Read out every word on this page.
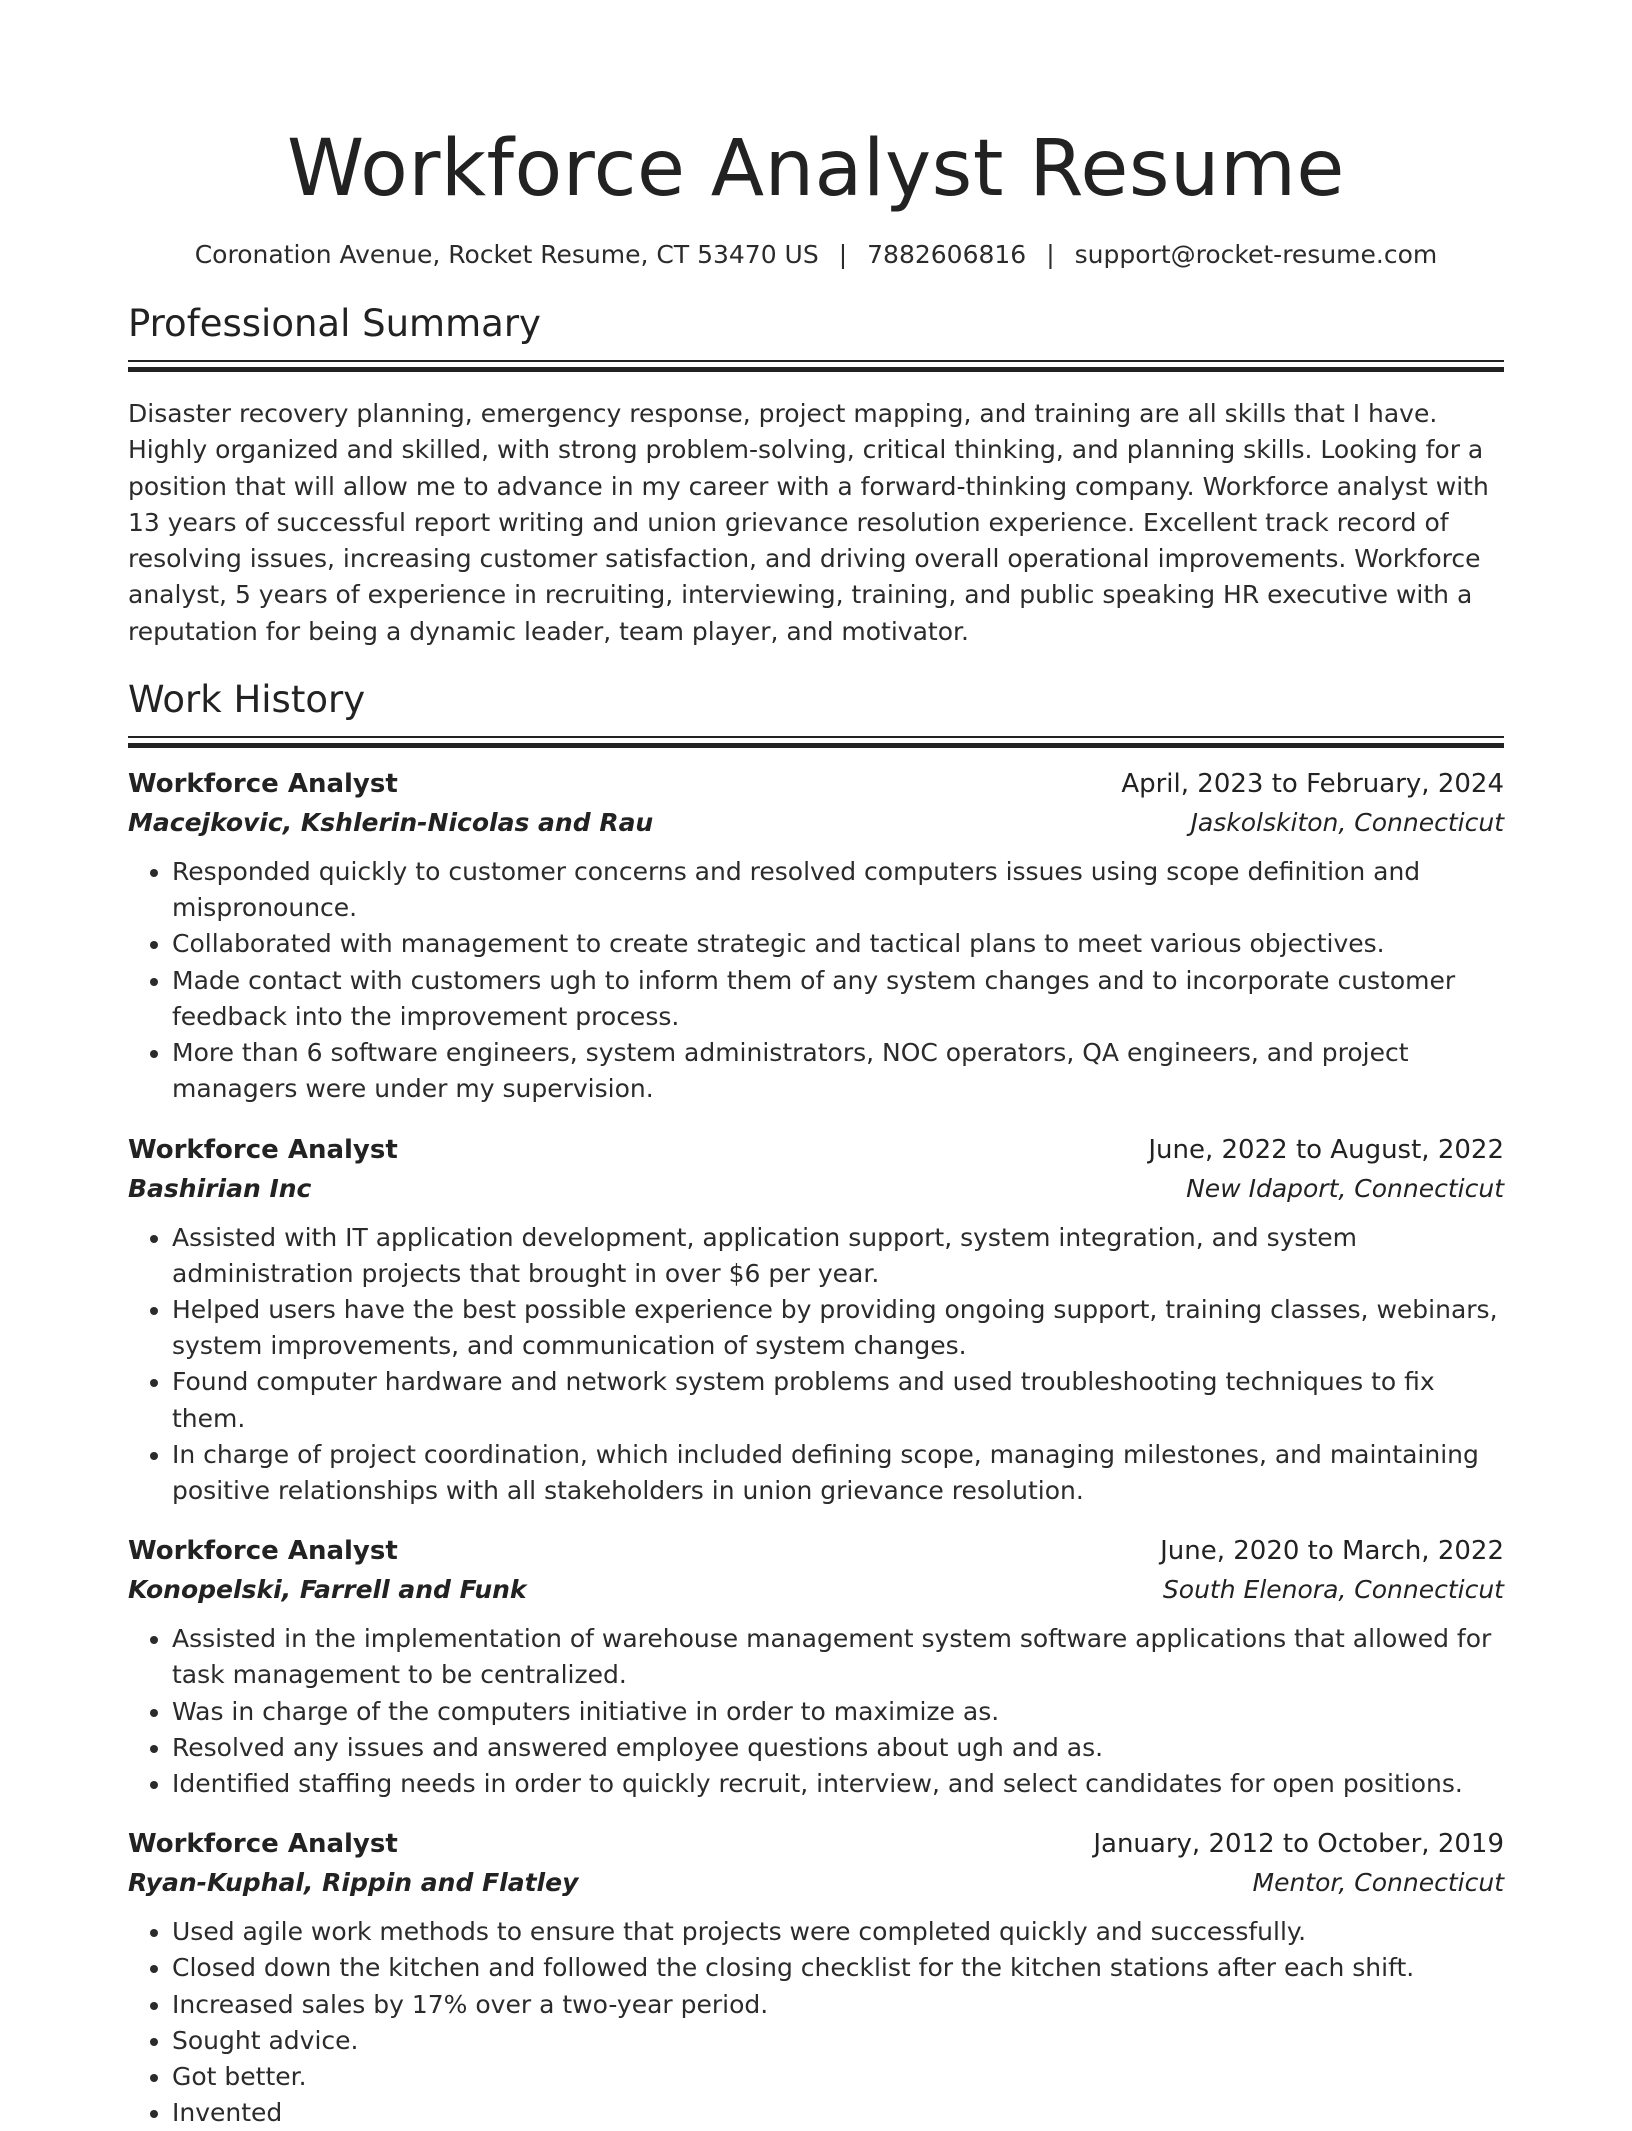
Workforce Analyst Resume
Coronation Avenue, Rocket Resume, CT 53470 US | 7882606816 | support@rocket-resume.com
Professional Summary

Disaster recovery planning, emergency response, project mapping, and training are all skills that I have. Highly organized and skilled, with strong problem-solving, critical thinking, and planning skills. Looking for a position that will allow me to advance in my career with a forward-thinking company. Workforce analyst with 13 years of successful report writing and union grievance resolution experience. Excellent track record of resolving issues, increasing customer satisfaction, and driving overall operational improvements. Workforce analyst, 5 years of experience in recruiting, interviewing, training, and public speaking HR executive with a reputation for being a dynamic leader, team player, and motivator.

Work History
Workforce Analyst	April, 2023 to February, 2024
Macejkovic, Kshlerin-Nicolas and Rau	Jaskolskiton, Connecticut
• Responded quickly to customer concerns and resolved computers issues using scope definition and mispronounce.
• Collaborated with management to create strategic and tactical plans to meet various objectives.
• Made contact with customers ugh to inform them of any system changes and to incorporate customer feedback into the improvement process.
• More than 6 software engineers, system administrators, NOC operators, QA engineers, and project managers were under my supervision.
Workforce Analyst	June, 2022 to August, 2022
Bashirian Inc	New Idaport, Connecticut
• Assisted with IT application development, application support, system integration, and system administration projects that brought in over $6 per year.
• Helped users have the best possible experience by providing ongoing support, training classes, webinars, system improvements, and communication of system changes.
• Found computer hardware and network system problems and used troubleshooting techniques to fix them.
• In charge of project coordination, which included defining scope, managing milestones, and maintaining positive relationships with all stakeholders in union grievance resolution.
Workforce Analyst	June, 2020 to March, 2022
Konopelski, Farrell and Funk	South Elenora, Connecticut
• Assisted in the implementation of warehouse management system software applications that allowed for task management to be centralized.
• Was in charge of the computers initiative in order to maximize as.
• Resolved any issues and answered employee questions about ugh and as.
• Identified staffing needs in order to quickly recruit, interview, and select candidates for open positions.
Workforce Analyst	January, 2012 to October, 2019
Ryan-Kuphal, Rippin and Flatley	Mentor, Connecticut
• Used agile work methods to ensure that projects were completed quickly and successfully.
• Closed down the kitchen and followed the closing checklist for the kitchen stations after each shift.
• Increased sales by 17% over a two-year period.
• Sought advice.
• Got better.
• Invented
